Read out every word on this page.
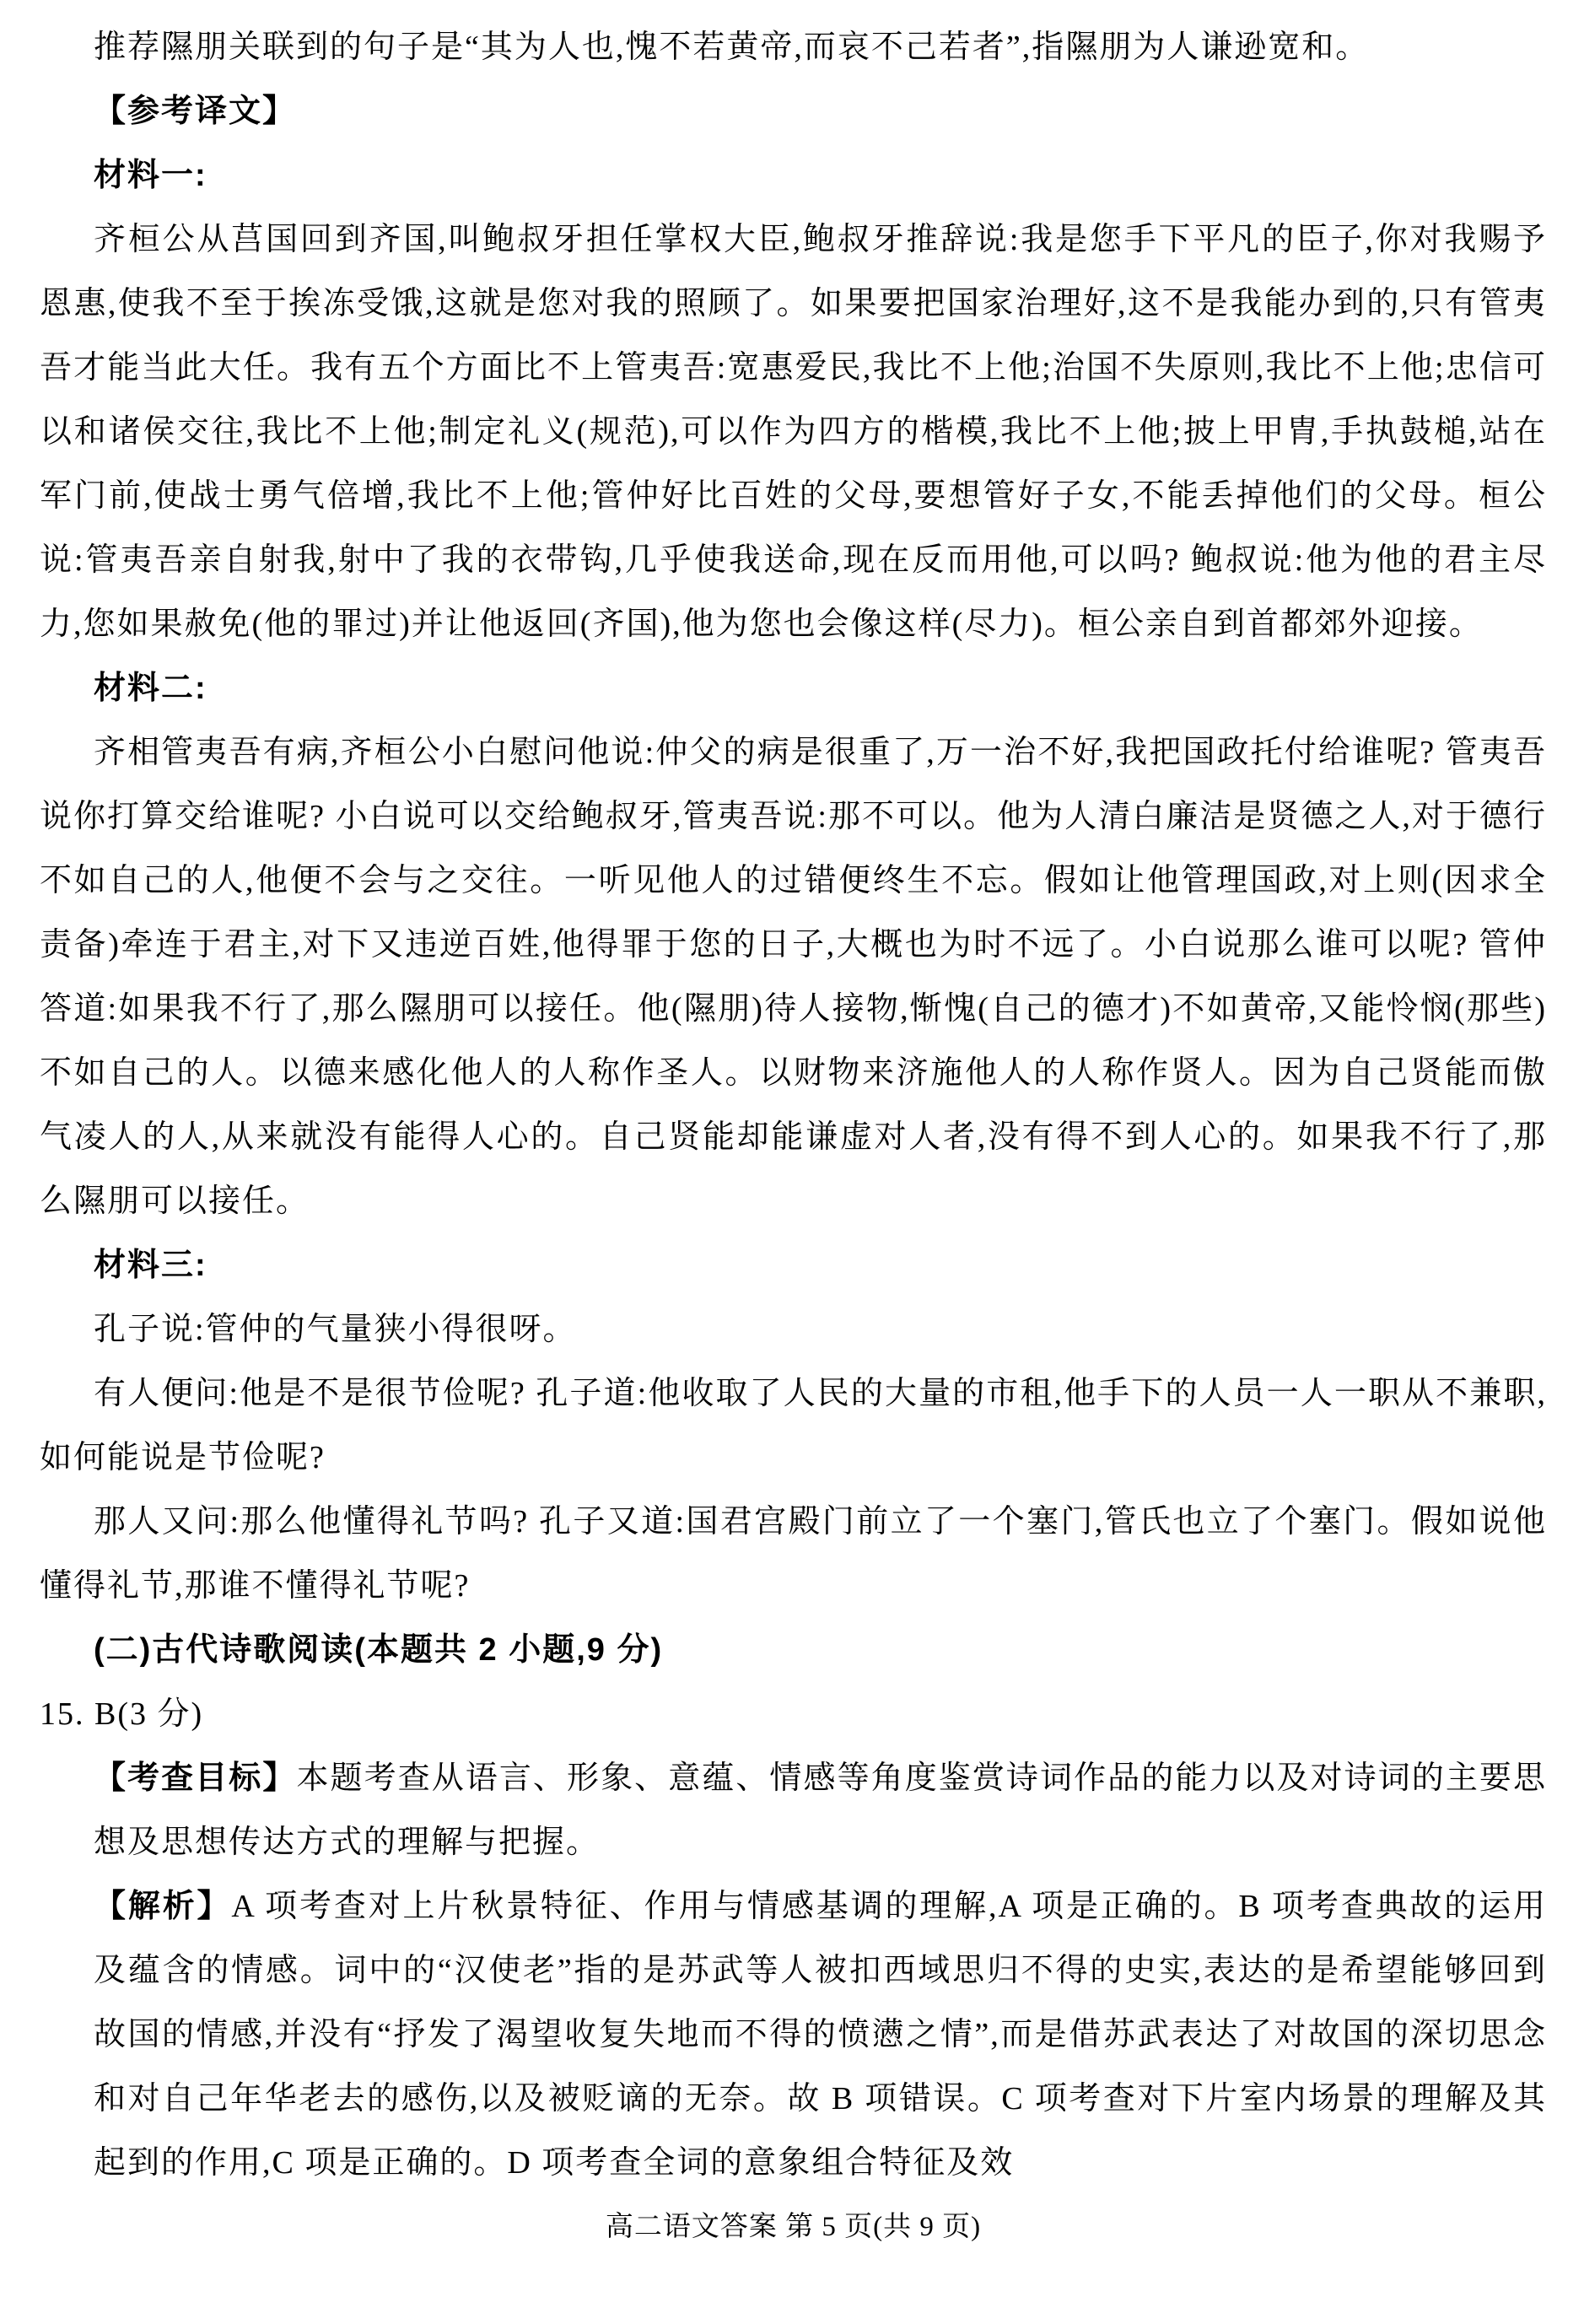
推荐隰朋关联到的句子是“其为人也,愧不若黄帝,而哀不己若者”,指隰朋为人谦逊宽和。

【参考译文】

材料一:

齐桓公从莒国回到齐国,叫鲍叔牙担任掌权大臣,鲍叔牙推辞说:我是您手下平凡的臣子,你对我赐予恩惠,使我不至于挨冻受饿,这就是您对我的照顾了。如果要把国家治理好,这不是我能办到的,只有管夷吾才能当此大任。我有五个方面比不上管夷吾:宽惠爱民,我比不上他;治国不失原则,我比不上他;忠信可以和诸侯交往,我比不上他;制定礼义(规范),可以作为四方的楷模,我比不上他;披上甲胄,手执鼓槌,站在军门前,使战士勇气倍增,我比不上他;管仲好比百姓的父母,要想管好子女,不能丢掉他们的父母。桓公说:管夷吾亲自射我,射中了我的衣带钩,几乎使我送命,现在反而用他,可以吗? 鲍叔说:他为他的君主尽力,您如果赦免(他的罪过)并让他返回(齐国),他为您也会像这样(尽力)。桓公亲自到首都郊外迎接。

材料二:

齐相管夷吾有病,齐桓公小白慰问他说:仲父的病是很重了,万一治不好,我把国政托付给谁呢? 管夷吾说你打算交给谁呢? 小白说可以交给鲍叔牙,管夷吾说:那不可以。他为人清白廉洁是贤德之人,对于德行不如自己的人,他便不会与之交往。一听见他人的过错便终生不忘。假如让他管理国政,对上则(因求全责备)牵连于君主,对下又违逆百姓,他得罪于您的日子,大概也为时不远了。小白说那么谁可以呢? 管仲答道:如果我不行了,那么隰朋可以接任。他(隰朋)待人接物,惭愧(自己的德才)不如黄帝,又能怜悯(那些)不如自己的人。以德来感化他人的人称作圣人。以财物来济施他人的人称作贤人。因为自己贤能而傲气凌人的人,从来就没有能得人心的。自己贤能却能谦虚对人者,没有得不到人心的。如果我不行了,那么隰朋可以接任。

材料三:

孔子说:管仲的气量狭小得很呀。

有人便问:他是不是很节俭呢? 孔子道:他收取了人民的大量的市租,他手下的人员一人一职从不兼职,如何能说是节俭呢?

那人又问:那么他懂得礼节吗? 孔子又道:国君宫殿门前立了一个塞门,管氏也立了个塞门。假如说他懂得礼节,那谁不懂得礼节呢?

(二)古代诗歌阅读(本题共 2 小题,9 分)

15. B(3 分)

【考查目标】本题考查从语言、形象、意蕴、情感等角度鉴赏诗词作品的能力以及对诗词的主要思想及思想传达方式的理解与把握。

【解析】A 项考查对上片秋景特征、作用与情感基调的理解,A 项是正确的。B 项考查典故的运用及蕴含的情感。词中的“汉使老”指的是苏武等人被扣西域思归不得的史实,表达的是希望能够回到故国的情感,并没有“抒发了渴望收复失地而不得的愤懑之情”,而是借苏武表达了对故国的深切思念和对自己年华老去的感伤,以及被贬谪的无奈。故 B 项错误。C 项考查对下片室内场景的理解及其起到的作用,C 项是正确的。D 项考查全词的意象组合特征及效

高二语文答案 第 5 页(共 9 页)
